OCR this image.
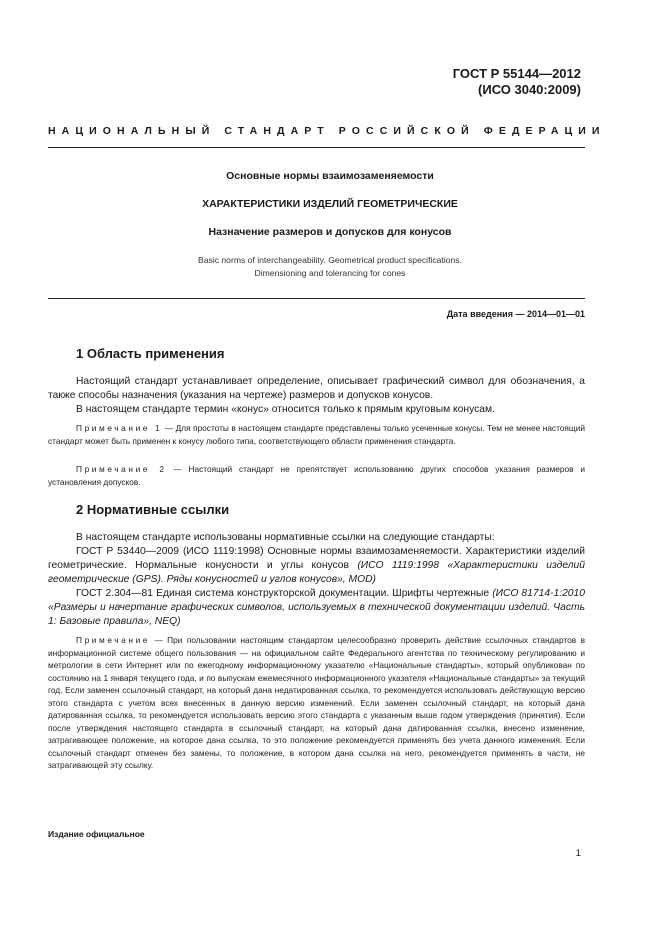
ГОСТ Р 55144—2012
(ИСО 3040:2009)
НАЦИОНАЛЬНЫЙ СТАНДАРТ РОССИЙСКОЙ ФЕДЕРАЦИИ
Основные нормы взаимозаменяемости
ХАРАКТЕРИСТИКИ ИЗДЕЛИЙ ГЕОМЕТРИЧЕСКИЕ
Назначение размеров и допусков для конусов
Basic norms of interchangeability. Geometrical product specifications.
Dimensioning and tolerancing for cones
Дата введения — 2014—01—01
1 Область применения

Настоящий стандарт устанавливает определение, описывает графический символ для обозначения, а также способы назначения (указания на чертеже) размеров и допусков конусов.

В настоящем стандарте термин «конус» относится только к прямым круговым конусам.

Примечание 1 — Для простоты в настоящем стандарте представлены только усеченные конусы. Тем не менее настоящий стандарт может быть применен к конусу любого типа, соответствующего области применения стандарта.

Примечание 2 — Настоящий стандарт не препятствует использованию других способов указания размеров и установления допусков.

2 Нормативные ссылки

В настоящем стандарте использованы нормативные ссылки на следующие стандарты:

ГОСТ Р 53440—2009 (ИСО 1119:1998) Основные нормы взаимозаменяемости. Характеристики изделий геометрические. Нормальные конусности и углы конусов (ИСО 1119:1998 «Характеристики изделий геометрические (GPS). Ряды конусностей и углов конусов», MOD)

ГОСТ 2.304—81 Единая система конструкторской документации. Шрифты чертежные (ИСО 81714-1:2010 «Размеры и начертание графических символов, используемых в технической документации изделий. Часть 1: Базовые правила», NEQ)

Примечание — При пользовании настоящим стандартом целесообразно проверить действие ссылочных стандартов в информационной системе общего пользования — на официальном сайте Федерального агентства по техническому регулированию и метрологии в сети Интернет или по ежегодному информационному указателю «Национальные стандарты», который опубликован по состоянию на 1 января текущего года, и по выпускам ежемесячного информационного указателя «Национальные стандарты» за текущий год. Если заменен ссылочный стандарт, на который дана недатированная ссылка, то рекомендуется использовать действующую версию этого стандарта с учетом всех внесенных в данную версию изменений. Если заменен ссылочный стандарт, на который дана датированная ссылка, то рекомендуется использовать версию этого стандарта с указанным выше годом утверждения (принятия). Если после утверждения настоящего стандарта в ссылочный стандарт, на который дана датированная ссылка, внесено изменение, затрагивающее положение, на которое дана ссылка, то это положение рекомендуется применять без учета данного изменения. Если ссылочный стандарт отменен без замены, то положение, в котором дана ссылка на него, рекомендуется применять в части, не затрагивающей эту ссылку.

Издание официальное
1
